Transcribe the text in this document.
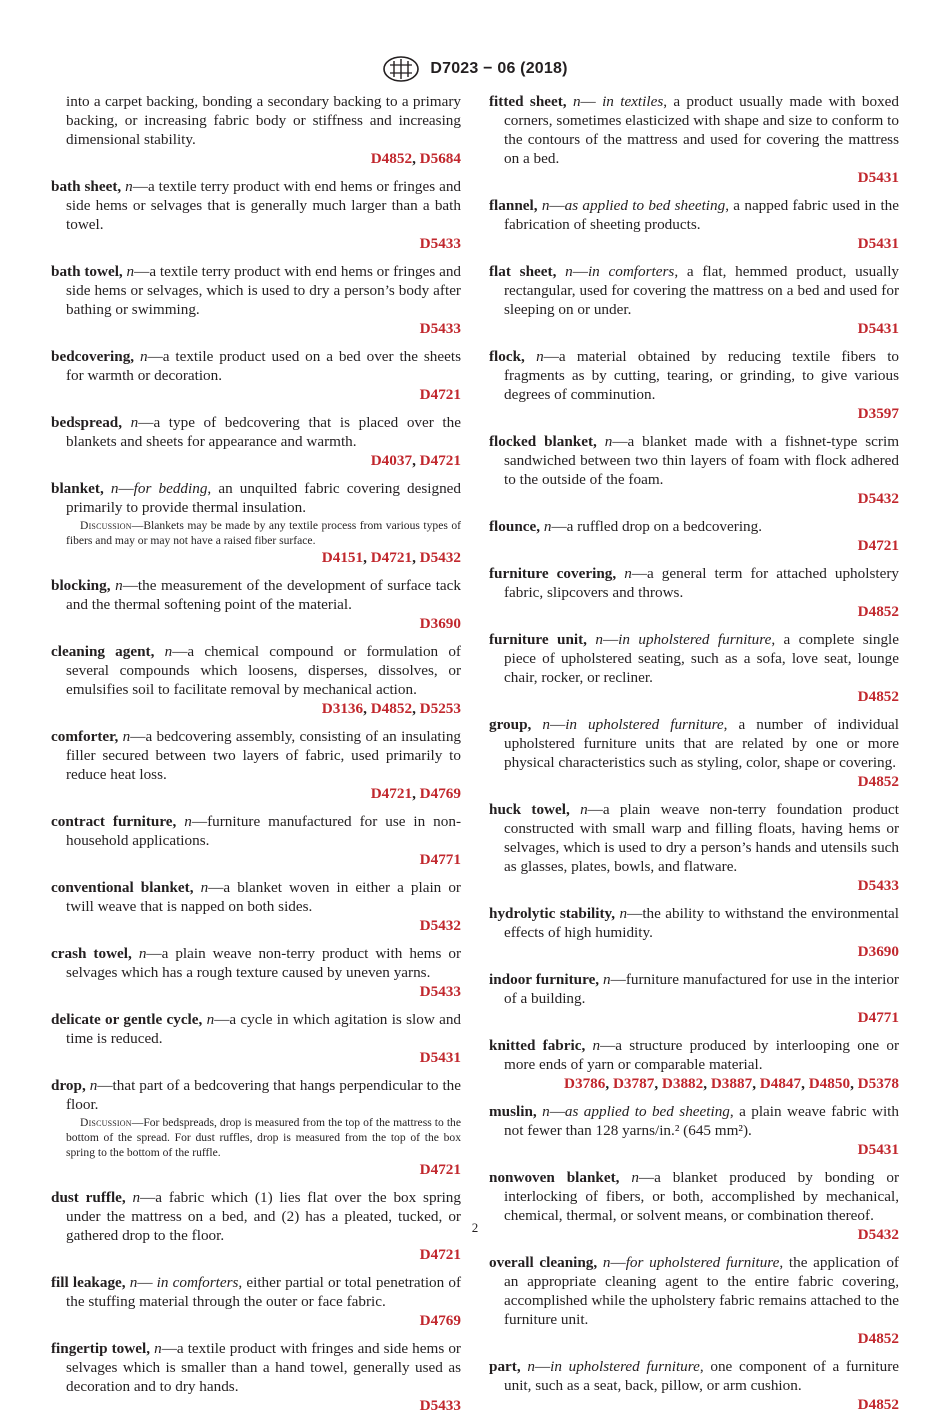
D7023 − 06 (2018)
into a carpet backing, bonding a secondary backing to a primary backing, or increasing fabric body or stiffness and increasing dimensional stability.
D4852, D5684
bath sheet, n—a textile terry product with end hems or fringes and side hems or selvages that is generally much larger than a bath towel.
D5433
bath towel, n—a textile terry product with end hems or fringes and side hems or selvages, which is used to dry a person’s body after bathing or swimming.
D5433
bedcovering, n—a textile product used on a bed over the sheets for warmth or decoration.
D4721
bedspread, n—a type of bedcovering that is placed over the blankets and sheets for appearance and warmth.
D4037, D4721
blanket, n—for bedding, an unquilted fabric covering designed primarily to provide thermal insulation.
Discussion—Blankets may be made by any textile process from various types of fibers and may or may not have a raised fiber surface.
D4151, D4721, D5432
blocking, n—the measurement of the development of surface tack and the thermal softening point of the material.
D3690
cleaning agent, n—a chemical compound or formulation of several compounds which loosens, disperses, dissolves, or emulsifies soil to facilitate removal by mechanical action.
D3136, D4852, D5253
comforter, n—a bedcovering assembly, consisting of an insulating filler secured between two layers of fabric, used primarily to reduce heat loss.
D4721, D4769
contract furniture, n—furniture manufactured for use in non-household applications.
D4771
conventional blanket, n—a blanket woven in either a plain or twill weave that is napped on both sides.
D5432
crash towel, n—a plain weave non-terry product with hems or selvages which has a rough texture caused by uneven yarns.
D5433
delicate or gentle cycle, n—a cycle in which agitation is slow and time is reduced.
D5431
drop, n—that part of a bedcovering that hangs perpendicular to the floor.
Discussion—For bedspreads, drop is measured from the top of the mattress to the bottom of the spread. For dust ruffles, drop is measured from the top of the box spring to the bottom of the ruffle.
D4721
dust ruffle, n—a fabric which (1) lies flat over the box spring under the mattress on a bed, and (2) has a pleated, tucked, or gathered drop to the floor.
D4721
fill leakage, n— in comforters, either partial or total penetration of the stuffing material through the outer or face fabric.
D4769
fingertip towel, n—a textile product with fringes and side hems or selvages which is smaller than a hand towel, generally used as decoration and to dry hands.
D5433
fitted sheet, n— in textiles, a product usually made with boxed corners, sometimes elasticized with shape and size to conform to the contours of the mattress and used for covering the mattress on a bed.
D5431
flannel, n—as applied to bed sheeting, a napped fabric used in the fabrication of sheeting products.
D5431
flat sheet, n—in comforters, a flat, hemmed product, usually rectangular, used for covering the mattress on a bed and used for sleeping on or under.
D5431
flock, n—a material obtained by reducing textile fibers to fragments as by cutting, tearing, or grinding, to give various degrees of comminution.
D3597
flocked blanket, n—a blanket made with a fishnet-type scrim sandwiched between two thin layers of foam with flock adhered to the outside of the foam.
D5432
flounce, n—a ruffled drop on a bedcovering.
D4721
furniture covering, n—a general term for attached upholstery fabric, slipcovers and throws.
D4852
furniture unit, n—in upholstered furniture, a complete single piece of upholstered seating, such as a sofa, love seat, lounge chair, rocker, or recliner.
D4852
group, n—in upholstered furniture, a number of individual upholstered furniture units that are related by one or more physical characteristics such as styling, color, shape or covering.
D4852
huck towel, n—a plain weave non-terry foundation product constructed with small warp and filling floats, having hems or selvages, which is used to dry a person’s hands and utensils such as glasses, plates, bowls, and flatware.
D5433
hydrolytic stability, n—the ability to withstand the environmental effects of high humidity.
D3690
indoor furniture, n—furniture manufactured for use in the interior of a building.
D4771
knitted fabric, n—a structure produced by interlooping one or more ends of yarn or comparable material.
D3786, D3787, D3882, D3887, D4847, D4850, D5378
muslin, n—as applied to bed sheeting, a plain weave fabric with not fewer than 128 yarns/in.² (645 mm²).
D5431
nonwoven blanket, n—a blanket produced by bonding or interlocking of fibers, or both, accomplished by mechanical, chemical, thermal, or solvent means, or combination thereof.
D5432
overall cleaning, n—for upholstered furniture, the application of an appropriate cleaning agent to the entire fabric covering, accomplished while the upholstery fabric remains attached to the furniture unit.
D4852
part, n—in upholstered furniture, one component of a furniture unit, such as a seat, back, pillow, or arm cushion.
D4852
2
